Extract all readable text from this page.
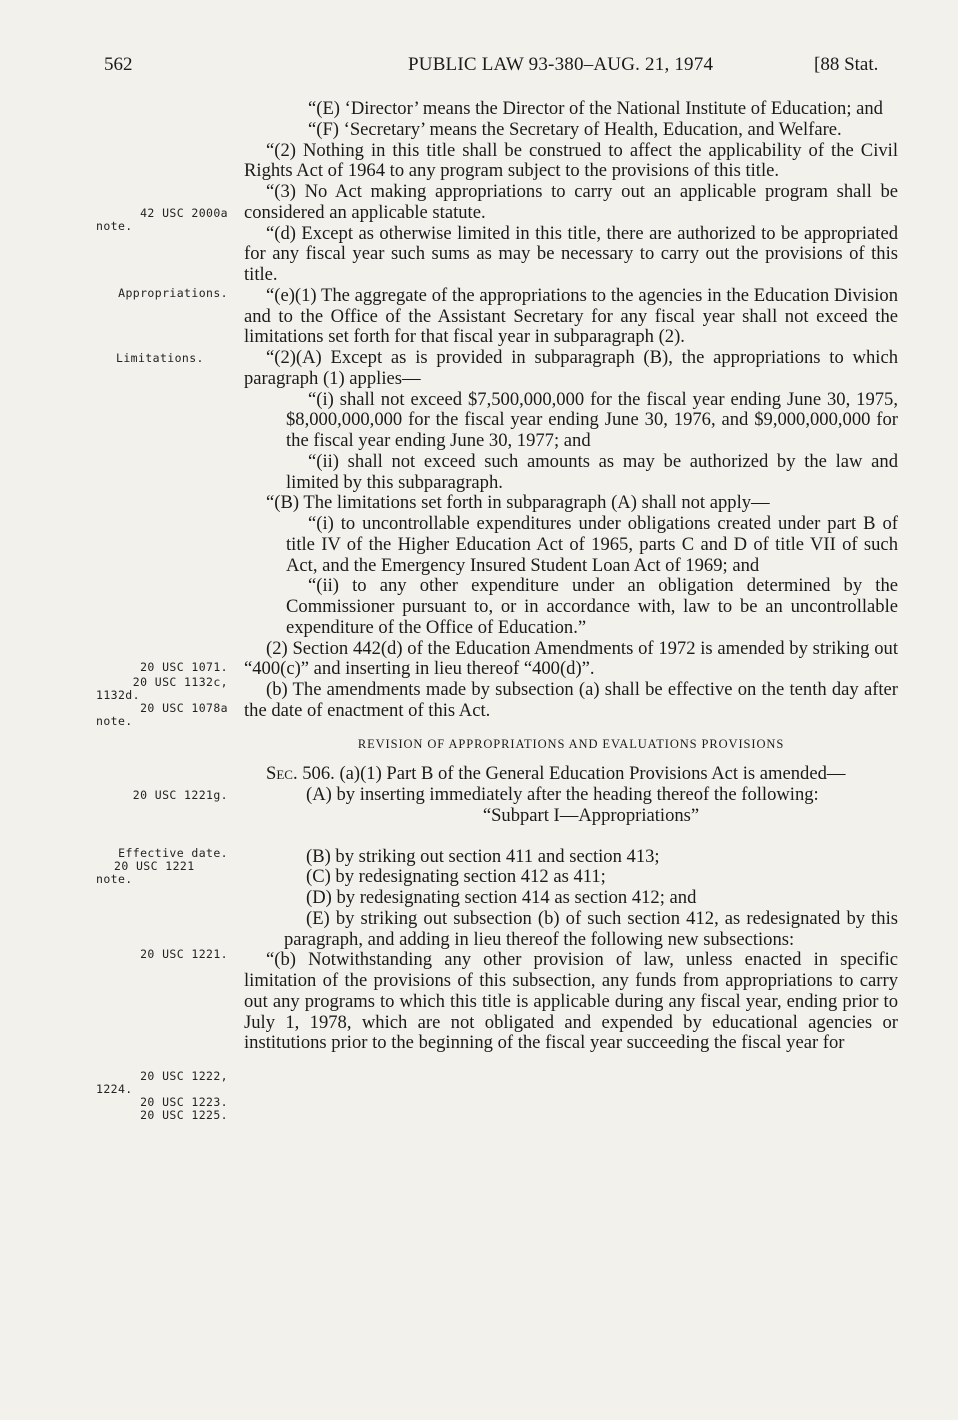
562	PUBLIC LAW 93-380–AUG. 21, 1974	[88 Stat.
42 USC 2000a
note.
Appropriations.
Limitations.
20 USC 1071.
20 USC 1132c,
1132d.
20 USC 1078a
note.
20 USC 1221g.
Effective date.
20 USC 1221
note.
20 USC 1221.
20 USC 1222,
1224.
20 USC 1223.
20 USC 1225.

“(E) ‘Director’ means the Director of the National Institute of Education; and

“(F) ‘Secretary’ means the Secretary of Health, Education, and Welfare.

“(2) Nothing in this title shall be construed to affect the applicability of the Civil Rights Act of 1964 to any program subject to the provisions of this title.

“(3) No Act making appropriations to carry out an applicable program shall be considered an applicable statute.

“(d) Except as otherwise limited in this title, there are authorized to be appropriated for any fiscal year such sums as may be necessary to carry out the provisions of this title.

“(e)(1) The aggregate of the appropriations to the agencies in the Education Division and to the Office of the Assistant Secretary for any fiscal year shall not exceed the limitations set forth for that fiscal year in subparagraph (2).

“(2)(A) Except as is provided in subparagraph (B), the appropriations to which paragraph (1) applies—

“(i) shall not exceed $7,500,000,000 for the fiscal year ending June 30, 1975, $8,000,000,000 for the fiscal year ending June 30, 1976, and $9,000,000,000 for the fiscal year ending June 30, 1977; and

“(ii) shall not exceed such amounts as may be authorized by the law and limited by this subparagraph.

“(B) The limitations set forth in subparagraph (A) shall not apply—

“(i) to uncontrollable expenditures under obligations created under part B of title IV of the Higher Education Act of 1965, parts C and D of title VII of such Act, and the Emergency Insured Student Loan Act of 1969; and

“(ii) to any other expenditure under an obligation determined by the Commissioner pursuant to, or in accordance with, law to be an uncontrollable expenditure of the Office of Education.”

(2) Section 442(d) of the Education Amendments of 1972 is amended by striking out “400(c)” and inserting in lieu thereof “400(d)”.

(b) The amendments made by subsection (a) shall be effective on the tenth day after the date of enactment of this Act.

REVISION OF APPROPRIATIONS AND EVALUATIONS PROVISIONS

Sec. 506. (a)(1) Part B of the General Education Provisions Act is amended—

(A) by inserting immediately after the heading thereof the following:

“Subpart I—Appropriations”

(B) by striking out section 411 and section 413;

(C) by redesignating section 412 as 411;

(D) by redesignating section 414 as section 412; and

(E) by striking out subsection (b) of such section 412, as redesignated by this paragraph, and adding in lieu thereof the following new subsections:

“(b) Notwithstanding any other provision of law, unless enacted in specific limitation of the provisions of this subsection, any funds from appropriations to carry out any programs to which this title is applicable during any fiscal year, ending prior to July 1, 1978, which are not obligated and expended by educational agencies or institutions prior to the beginning of the fiscal year succeeding the fiscal year for
